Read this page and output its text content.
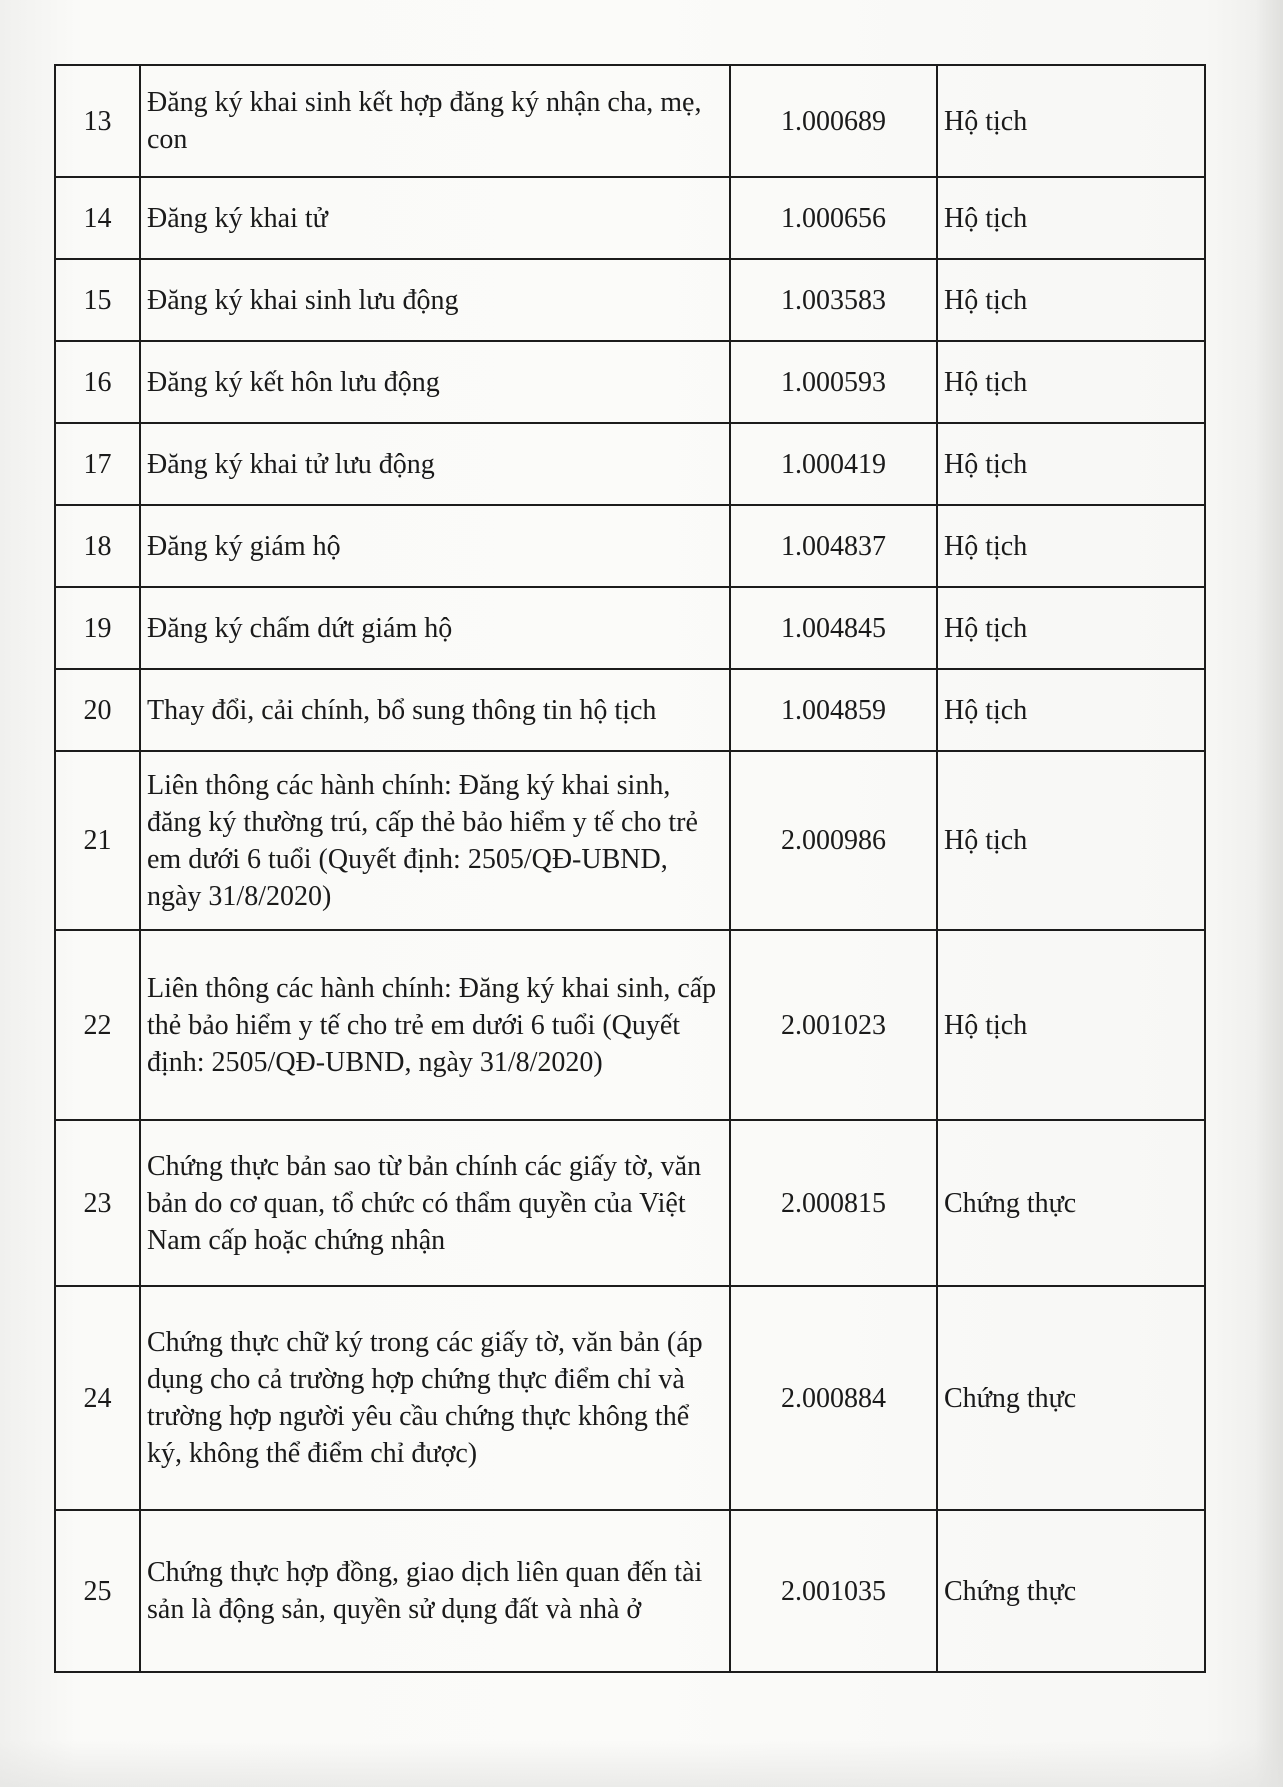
13	Đăng ký khai sinh kết hợp đăng ký nhận cha, mẹ, con	1.000689	Hộ tịch
14	Đăng ký khai tử	1.000656	Hộ tịch
15	Đăng ký khai sinh lưu động	1.003583	Hộ tịch
16	Đăng ký kết hôn lưu động	1.000593	Hộ tịch
17	Đăng ký khai tử lưu động	1.000419	Hộ tịch
18	Đăng ký giám hộ	1.004837	Hộ tịch
19	Đăng ký chấm dứt giám hộ	1.004845	Hộ tịch
20	Thay đổi, cải chính, bổ sung thông tin hộ tịch	1.004859	Hộ tịch
21	Liên thông các hành chính: Đăng ký khai sinh, đăng ký thường trú, cấp thẻ bảo hiểm y tế cho trẻ em dưới 6 tuổi (Quyết định: 2505/QĐ-UBND, ngày 31/8/2020)	2.000986	Hộ tịch
22	Liên thông các hành chính: Đăng ký khai sinh, cấp thẻ bảo hiểm y tế cho trẻ em dưới 6 tuổi (Quyết định: 2505/QĐ-UBND, ngày 31/8/2020)	2.001023	Hộ tịch
23	Chứng thực bản sao từ bản chính các giấy tờ, văn bản do cơ quan, tổ chức có thẩm quyền của Việt Nam cấp hoặc chứng nhận	2.000815	Chứng thực
24	Chứng thực chữ ký trong các giấy tờ, văn bản (áp dụng cho cả trường hợp chứng thực điểm chỉ và trường hợp người yêu cầu chứng thực không thể ký, không thể điểm chỉ được)	2.000884	Chứng thực
25	Chứng thực hợp đồng, giao dịch liên quan đến tài sản là động sản, quyền sử dụng đất và nhà ở	2.001035	Chứng thực
